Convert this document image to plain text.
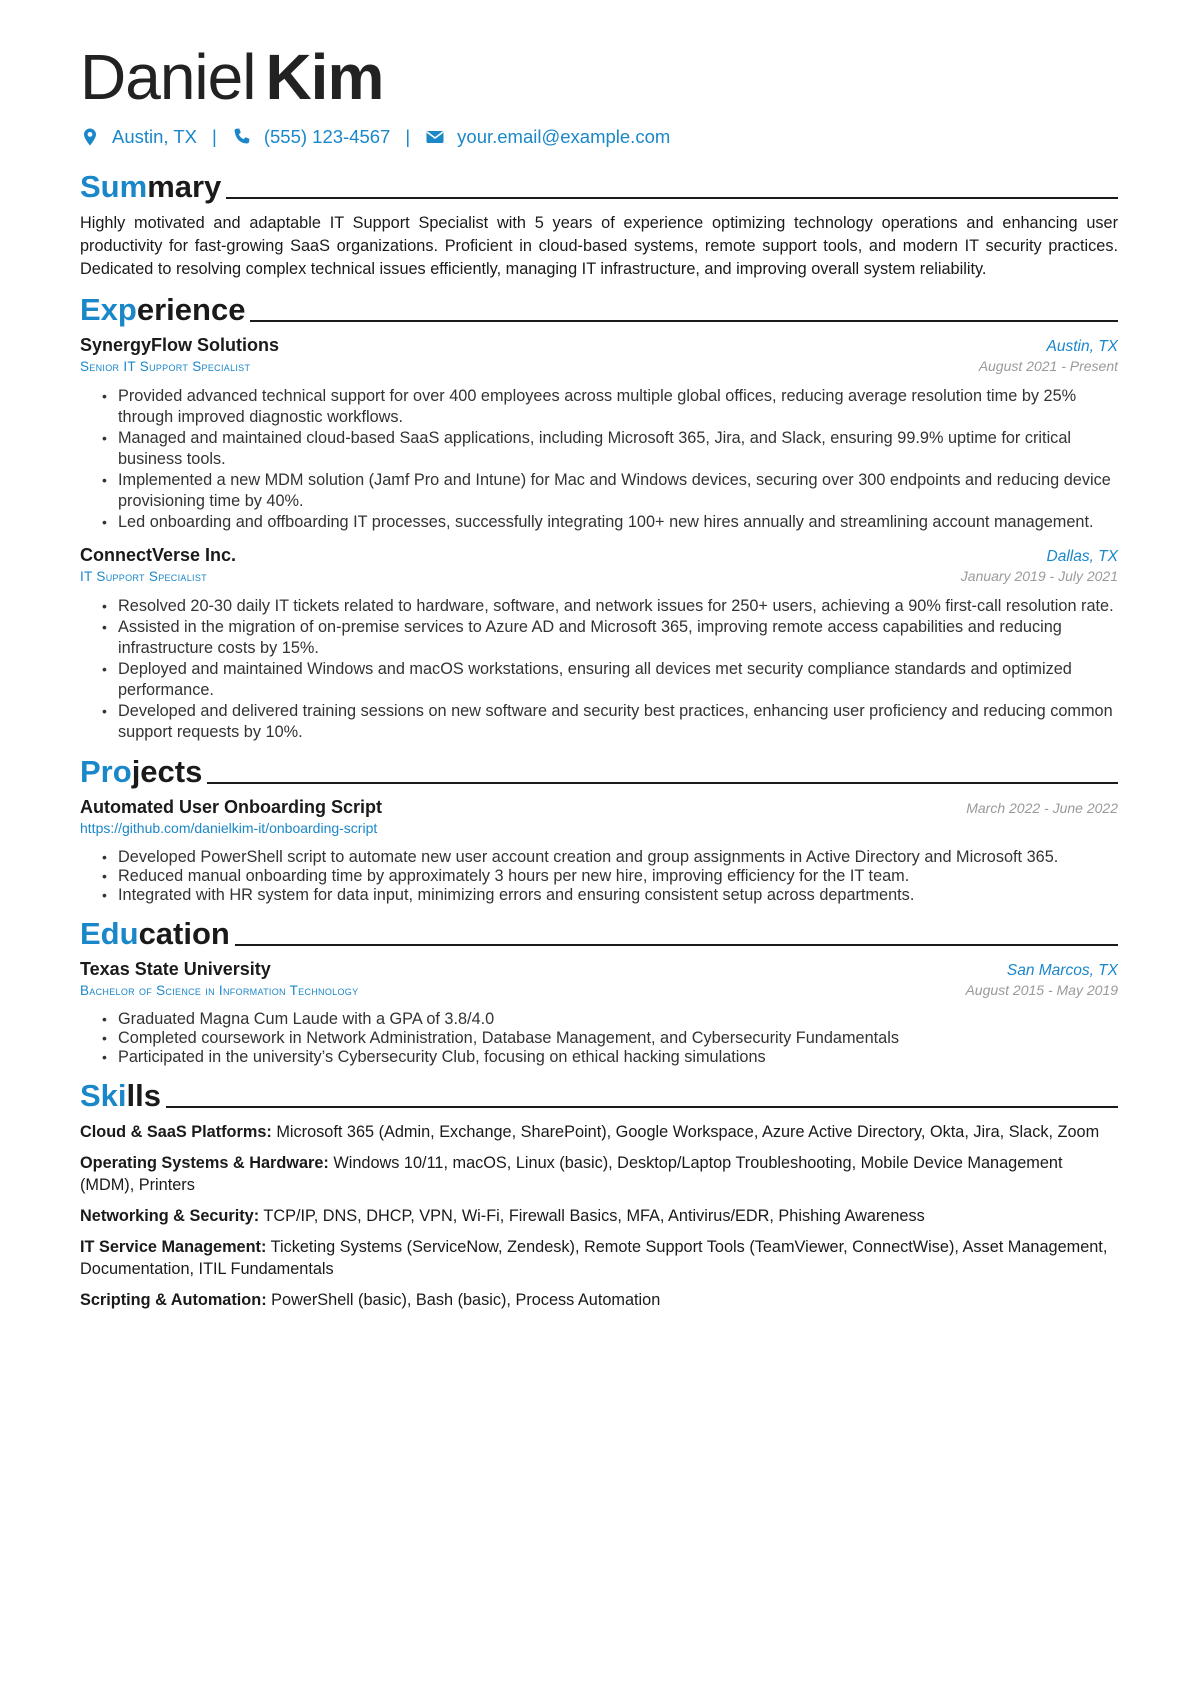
Daniel Kim
Austin, TX |	(555) 123-4567 |	your.email@example.com
Summary

Highly motivated and adaptable IT Support Specialist with 5 years of experience optimizing technology operations and enhancing user productivity for fast-growing SaaS organizations. Proficient in cloud-based systems, remote support tools, and modern IT security practices. Dedicated to resolving complex technical issues efficiently, managing IT infrastructure, and improving overall system reliability.

Experience
SynergyFlow Solutions	Austin, TX
Senior IT Support Specialist	August 2021 - Present
• Provided advanced technical support for over 400 employees across multiple global offices, reducing average resolution time by 25% through improved diagnostic workflows.
• Managed and maintained cloud-based SaaS applications, including Microsoft 365, Jira, and Slack, ensuring 99.9% uptime for critical business tools.
• Implemented a new MDM solution (Jamf Pro and Intune) for Mac and Windows devices, securing over 300 endpoints and reducing device provisioning time by 40%.
• Led onboarding and offboarding IT processes, successfully integrating 100+ new hires annually and streamlining account management.
ConnectVerse Inc.	Dallas, TX
IT Support Specialist	January 2019 - July 2021
• Resolved 20-30 daily IT tickets related to hardware, software, and network issues for 250+ users, achieving a 90% first-call resolution rate.
• Assisted in the migration of on-premise services to Azure AD and Microsoft 365, improving remote access capabilities and reducing infrastructure costs by 15%.
• Deployed and maintained Windows and macOS workstations, ensuring all devices met security compliance standards and optimized performance.
• Developed and delivered training sessions on new software and security best practices, enhancing user proficiency and reducing common support requests by 10%.
Projects
Automated User Onboarding Script	March 2022 - June 2022
https://github.com/danielkim-it/onboarding-script
• Developed PowerShell script to automate new user account creation and group assignments in Active Directory and Microsoft 365.
• Reduced manual onboarding time by approximately 3 hours per new hire, improving efficiency for the IT team.
• Integrated with HR system for data input, minimizing errors and ensuring consistent setup across departments.
Education
Texas State University	San Marcos, TX
Bachelor of Science in Information Technology	August 2015 - May 2019
• Graduated Magna Cum Laude with a GPA of 3.8/4.0
• Completed coursework in Network Administration, Database Management, and Cybersecurity Fundamentals
• Participated in the university’s Cybersecurity Club, focusing on ethical hacking simulations
Skills
Cloud & SaaS Platforms: Microsoft 365 (Admin, Exchange, SharePoint), Google Workspace, Azure Active Directory, Okta, Jira, Slack, Zoom
Operating Systems & Hardware: Windows 10/11, macOS, Linux (basic), Desktop/Laptop Troubleshooting, Mobile Device Management (MDM), Printers
Networking & Security: TCP/IP, DNS, DHCP, VPN, Wi-Fi, Firewall Basics, MFA, Antivirus/EDR, Phishing Awareness
IT Service Management: Ticketing Systems (ServiceNow, Zendesk), Remote Support Tools (TeamViewer, ConnectWise), Asset Management, Documentation, ITIL Fundamentals
Scripting & Automation: PowerShell (basic), Bash (basic), Process Automation
